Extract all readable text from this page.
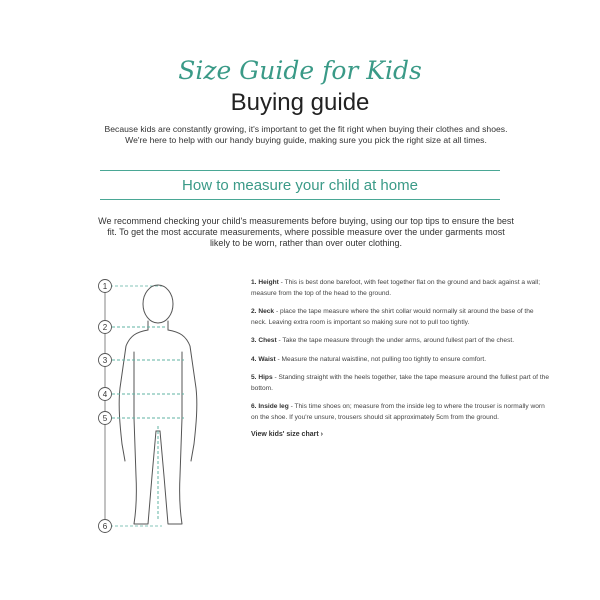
Size Guide for Kids
Buying guide
Because kids are constantly growing, it's important to get the fit right when buying their clothes and shoes. We're here to help with our handy buying guide, making sure you pick the right size at all times.
How to measure your child at home
We recommend checking your child's measurements before buying, using our top tips to ensure the best fit. To get the most accurate measurements, where possible measure over the under garments most likely to be worn, rather than over outer clothing.
1
2
3
4
5
6
1. Height - This is best done barefoot, with feet together flat on the ground and back against a wall; measure from the top of the head to the ground.
2. Neck - place the tape measure where the shirt collar would normally sit around the base of the neck. Leaving extra room is important so making sure not to pull too tightly.
3. Chest - Take the tape measure through the under arms, around fullest part of the chest.
4. Waist - Measure the natural waistline, not pulling too tightly to ensure comfort.
5. Hips - Standing straight with the heels together, take the tape measure around the fullest part of the bottom.
6. Inside leg - This time shoes on; measure from the inside leg to where the trouser is normally worn on the shoe. If you're unsure, trousers should sit approximately 5cm from the ground.
View kids' size chart ›
